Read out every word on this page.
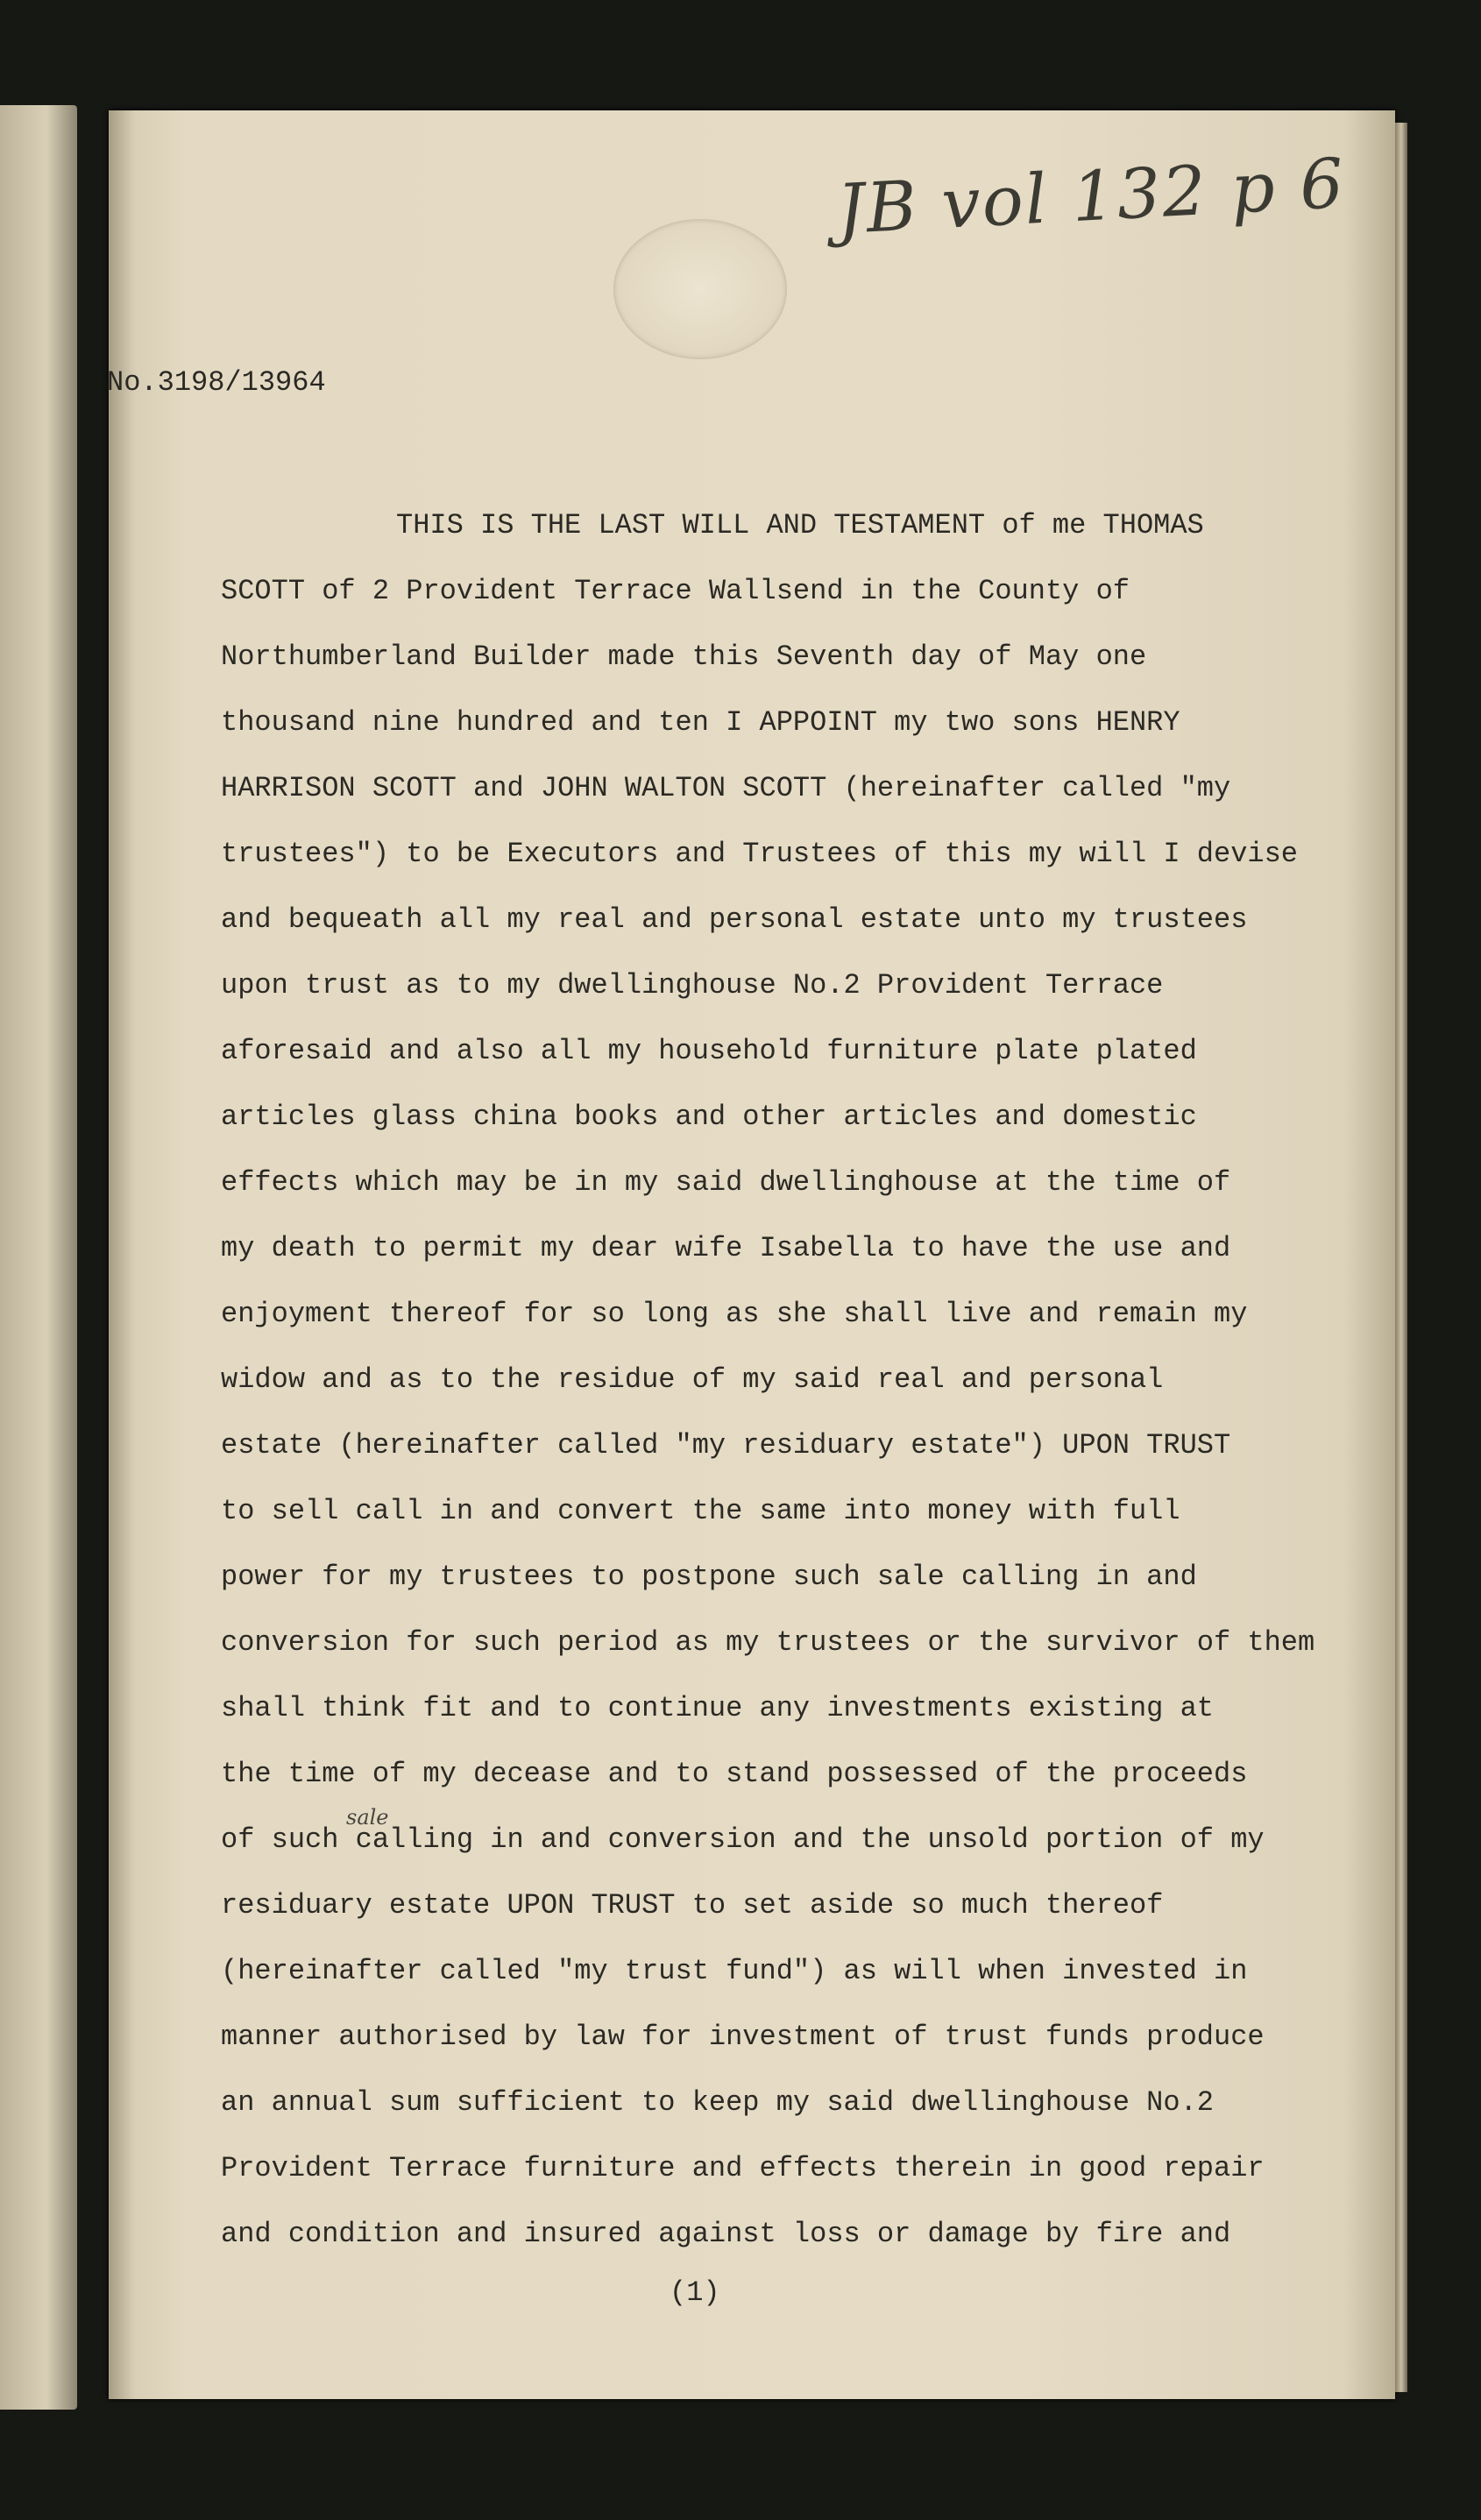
JB vol 132 p 6
No.3198/13964
THIS IS THE LAST WILL AND TESTAMENT of me THOMAS
SCOTT of 2 Provident Terrace Wallsend in the County of
Northumberland Builder made this Seventh day of May one
thousand nine hundred and ten I APPOINT my two sons HENRY
HARRISON SCOTT and JOHN WALTON SCOTT (hereinafter called "my
trustees") to be Executors and Trustees of this my will I devise
and bequeath all my real and personal estate unto my trustees
upon trust as to my dwellinghouse No.2 Provident Terrace
aforesaid and also all my household furniture plate plated
articles glass china books and other articles and domestic
effects which may be in my said dwellinghouse at the time of
my death to permit my dear wife Isabella to have the use and
enjoyment thereof for so long as she shall live and remain my
widow and as to the residue of my said real and personal
estate (hereinafter called "my residuary estate") UPON TRUST
to sell call in and convert the same into money with full
power for my trustees to postpone such sale calling in and
conversion for such period as my trustees or the survivor of them
shall think fit and to continue any investments existing at
the time of my decease and to stand possessed of the proceeds
of such calling in and conversion and the unsold portion of my
residuary estate UPON TRUST to set aside so much thereof
(hereinafter called "my trust fund") as will when invested in
manner authorised by law for investment of trust funds produce
an annual sum sufficient to keep my said dwellinghouse No.2
Provident Terrace furniture and effects therein in good repair
and condition and insured against loss or damage by fire and
sale
(1)
